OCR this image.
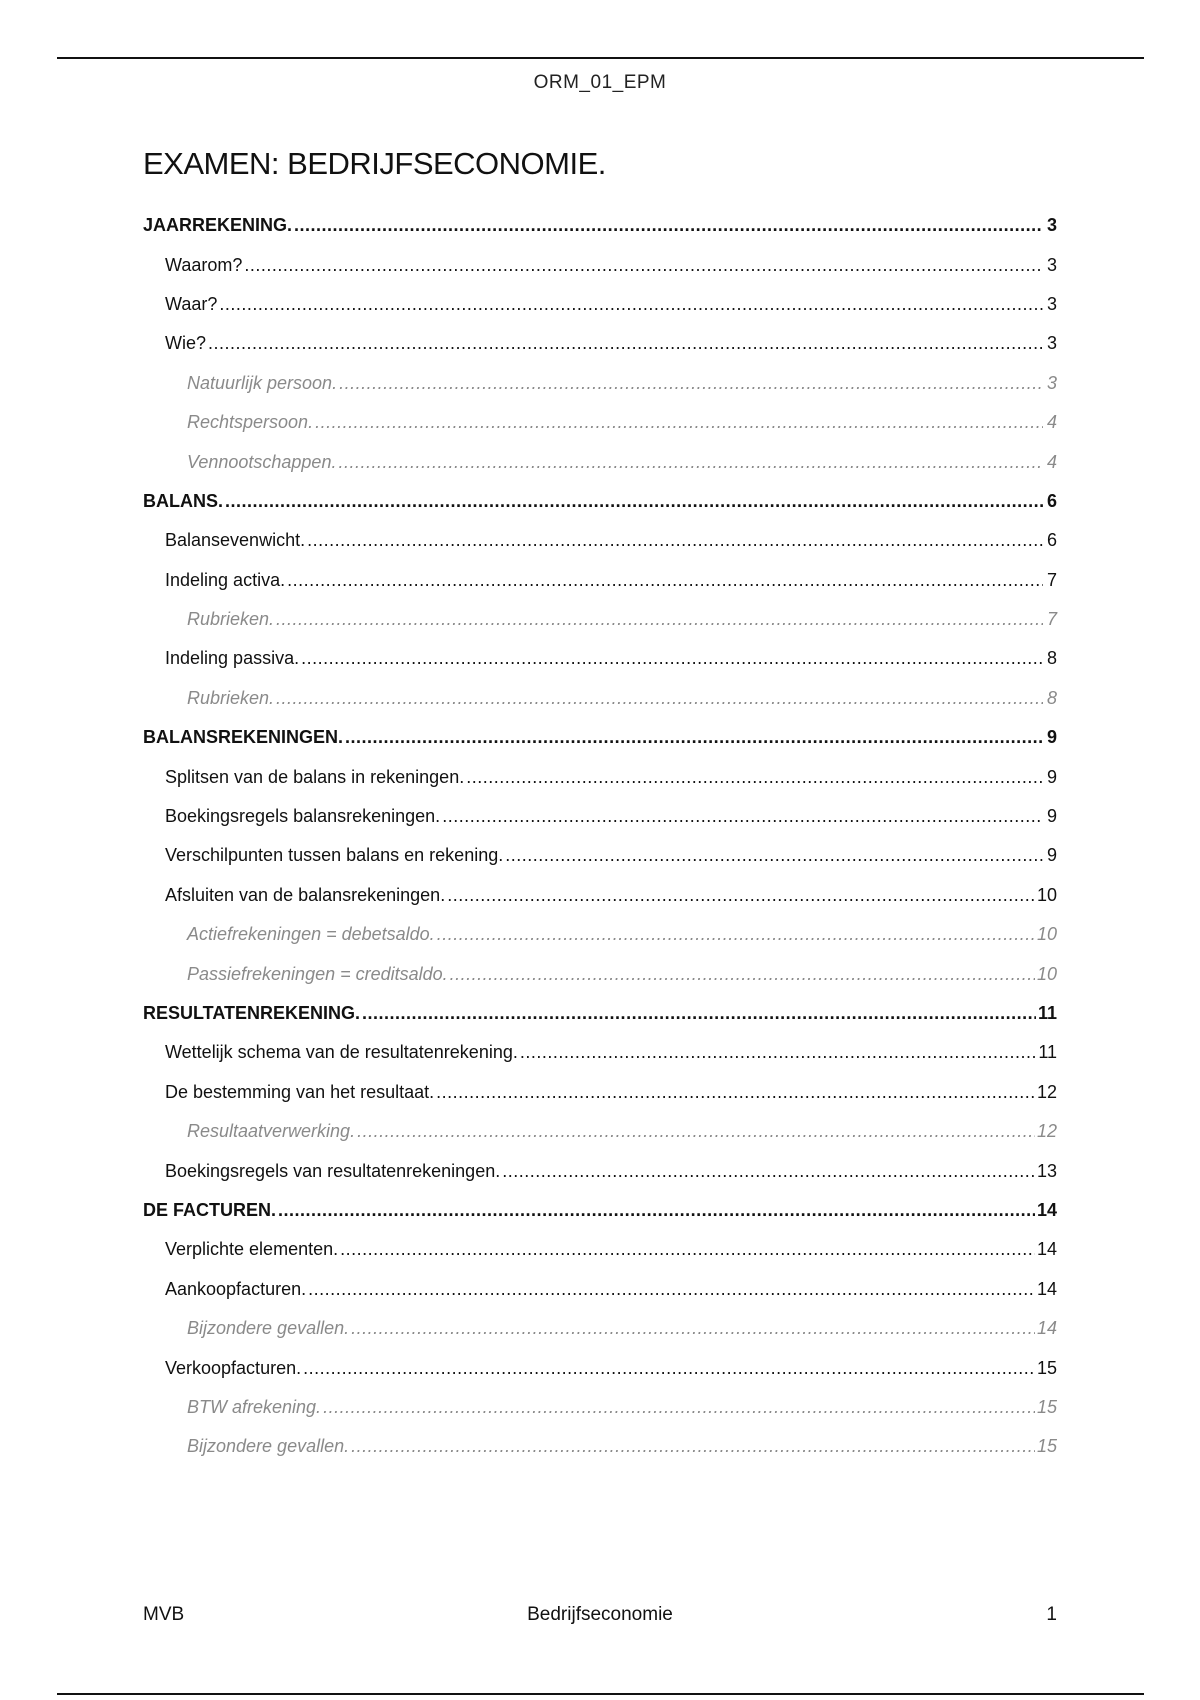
ORM_01_EPM
EXAMEN: BEDRIJFSECONOMIE.
JAARREKENING. .....	3
Waarom? .....	3
Waar? .....	3
Wie? .....	3
Natuurlijk persoon. .....	3
Rechtspersoon. .....	4
Vennootschappen. .....	4
BALANS. .....	6
Balansevenwicht. .....	6
Indeling activa. .....	7
Rubrieken. .....	7
Indeling passiva. .....	8
Rubrieken. .....	8
BALANSREKENINGEN. .....	9
Splitsen van de balans in rekeningen. .....	9
Boekingsregels balansrekeningen. .....	9
Verschilpunten tussen balans en rekening. .....	9
Afsluiten van de balansrekeningen. .....	10
Actiefrekeningen = debetsaldo. .....	10
Passiefrekeningen = creditsaldo. .....	10
RESULTATENREKENING. .....	11
Wettelijk schema van de resultatenrekening. .....	11
De bestemming van het resultaat. .....	12
Resultaatverwerking. .....	12
Boekingsregels van resultatenrekeningen. .....	13
DE FACTUREN. .....	14
Verplichte elementen. .....	14
Aankoopfacturen. .....	14
Bijzondere gevallen. .....	14
Verkoopfacturen. .....	15
BTW afrekening. .....	15
Bijzondere gevallen. .....	15
MVB	Bedrijfseconomie	1
